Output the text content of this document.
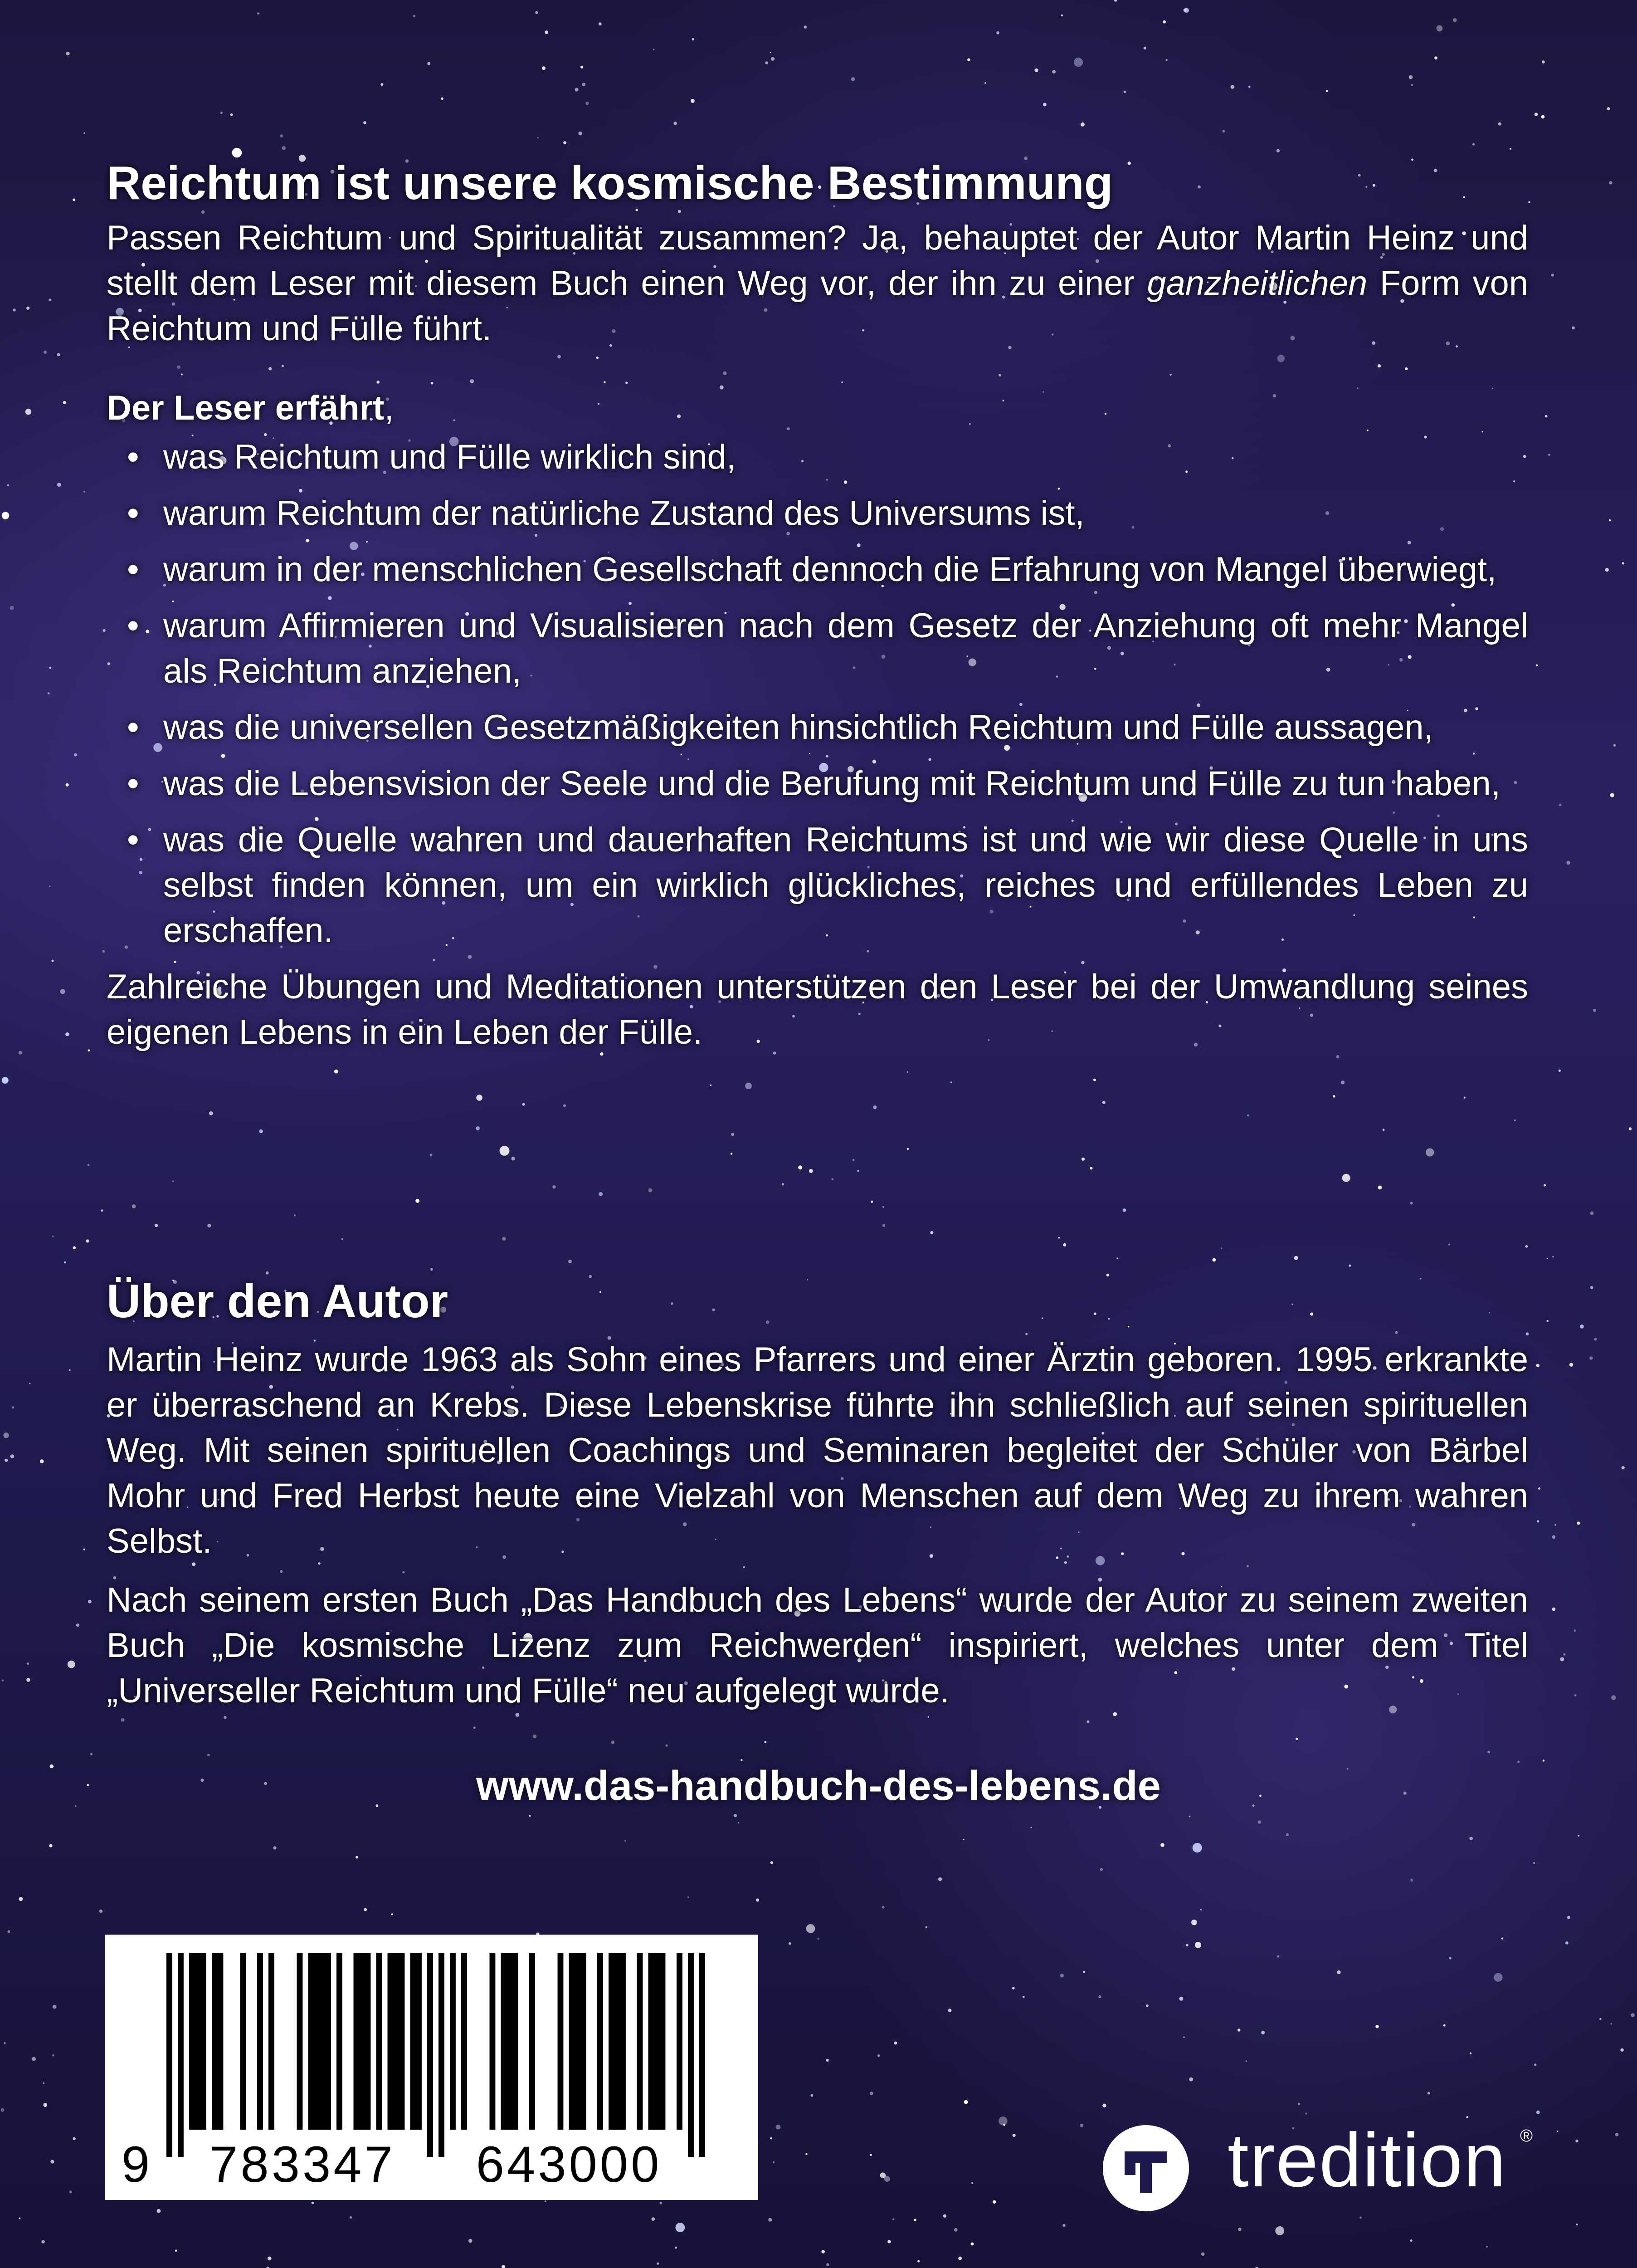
Reichtum ist unsere kosmische Bestimmung

Passen Reichtum und Spiritualität zusammen? Ja, behauptet der Autor Martin Heinz und stellt dem Leser mit diesem Buch einen Weg vor, der ihn zu einer ganzheitlichen Form von Reichtum und Fülle führt.

Der Leser erfährt,

• was Reichtum und Fülle wirklich sind,
• warum Reichtum der natürliche Zustand des Universums ist,
• warum in der menschlichen Gesellschaft dennoch die Erfahrung von Mangel überwiegt,
• warum Affirmieren und Visualisieren nach dem Gesetz der Anziehung oft mehr Mangel als Reichtum anziehen,
• was die universellen Gesetzmäßigkeiten hinsichtlich Reichtum und Fülle aussagen,
• was die Lebensvision der Seele und die Berufung mit Reichtum und Fülle zu tun haben,
• was die Quelle wahren und dauerhaften Reichtums ist und wie wir diese Quelle in uns selbst finden können, um ein wirklich glückliches, reiches und erfüllendes Leben zu erschaffen.

Zahlreiche Übungen und Meditationen unterstützen den Leser bei der Umwandlung seines eigenen Lebens in ein Leben der Fülle.

Über den Autor

Martin Heinz wurde 1963 als Sohn eines Pfarrers und einer Ärztin geboren. 1995 erkrankte er überraschend an Krebs. Diese Lebenskrise führte ihn schließlich auf seinen spirituellen Weg. Mit seinen spirituellen Coachings und Seminaren begleitet der Schüler von Bärbel Mohr und Fred Herbst heute eine Vielzahl von Menschen auf dem Weg zu ihrem wahren Selbst.

Nach seinem ersten Buch „Das Handbuch des Lebens“ wurde der Autor zu seinem zweiten Buch „Die kosmische Lizenz zum Reichwerden“ inspiriert, welches unter dem Titel „Universeller Reichtum und Fülle“ neu aufgelegt wurde.

www.das-handbuch-des-lebens.de
9 783347 643000	tredition ®
